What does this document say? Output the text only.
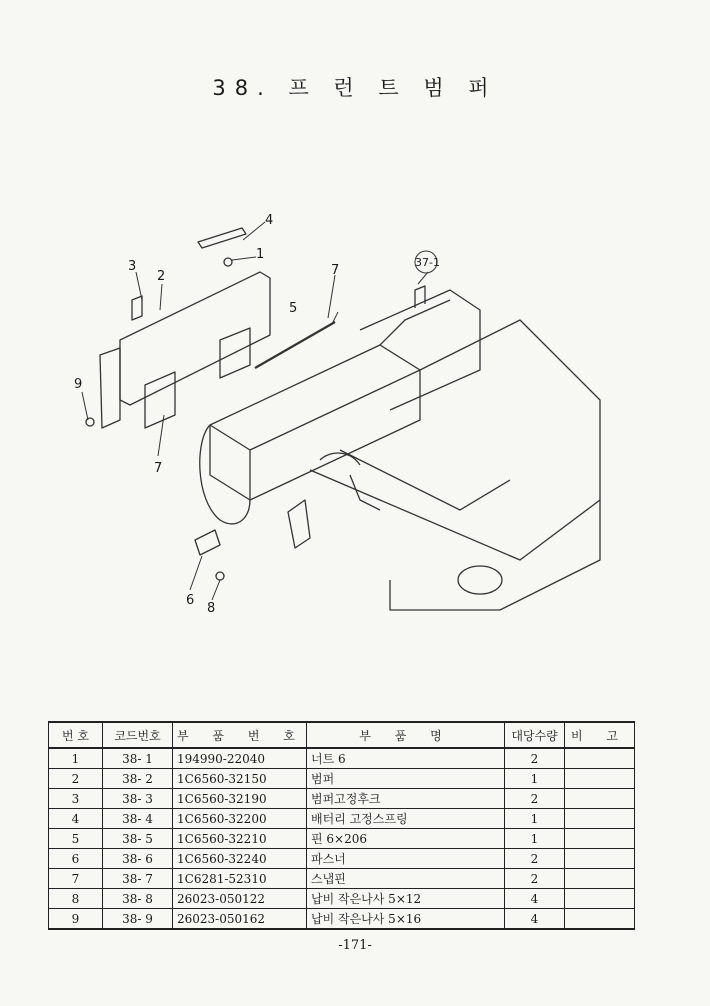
38. 프 런 트 범 퍼
1
2
3
4
5
6
7
7
8
9
37-1
번 호	코드번호	부 품 번 호	부 품 명	대당수량	비 고
1	38- 1	194990-22040	너트 6	2	
2	38- 2	1C6560-32150	범퍼	1	
3	38- 3	1C6560-32190	범퍼고정후크	2	
4	38- 4	1C6560-32200	배터리 고정스프링	1	
5	38- 5	1C6560-32210	핀 6×206	1	
6	38- 6	1C6560-32240	파스너	2	
7	38- 7	1C6281-52310	스냅핀	2	
8	38- 8	26023-050122	납비 작은나사 5×12	4	
9	38- 9	26023-050162	납비 작은나사 5×16	4	
-171-
